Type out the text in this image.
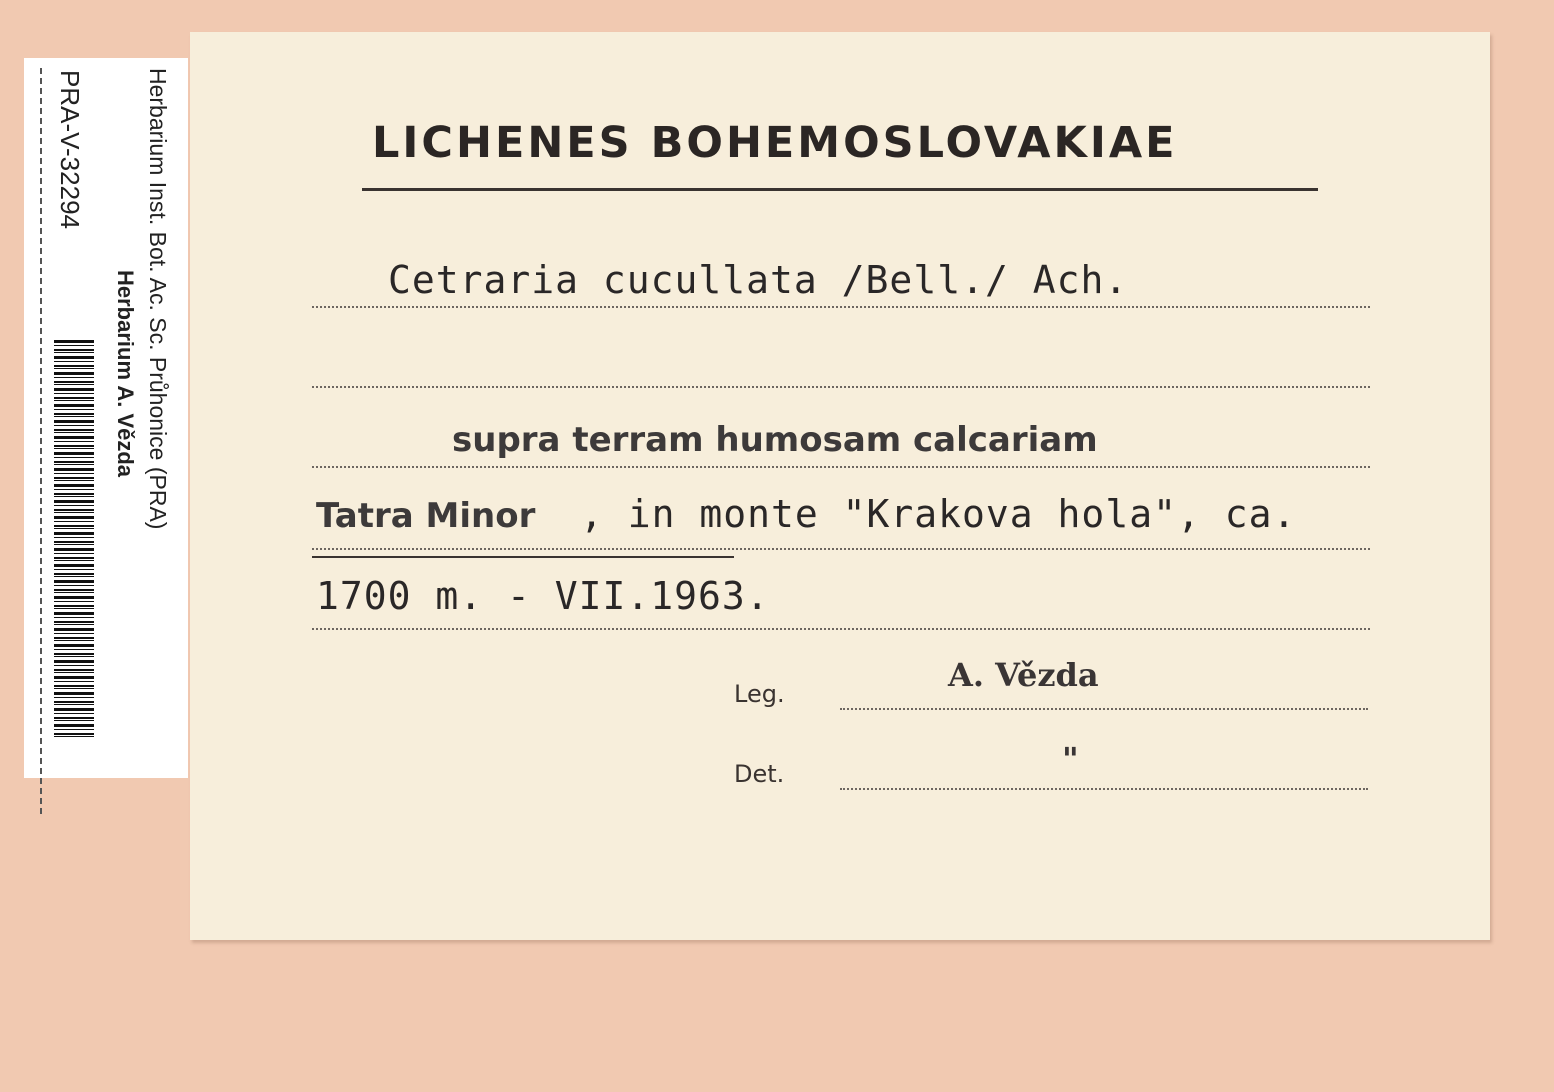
LICHENES BOHEMOSLOVAKIAE
Cetraria cucullata /Bell./ Ach.
supra terram humosam calcariam
Tatra Minor , in monte "Krakova hola", ca.
1700 m. - VII.1963.
Leg.	A. Vězda
Det.	"
Herbarium Inst. Bot. Ac. Sc. Průhonice (PRA)
Herbarium A. Vězda
PRA-V-32294
